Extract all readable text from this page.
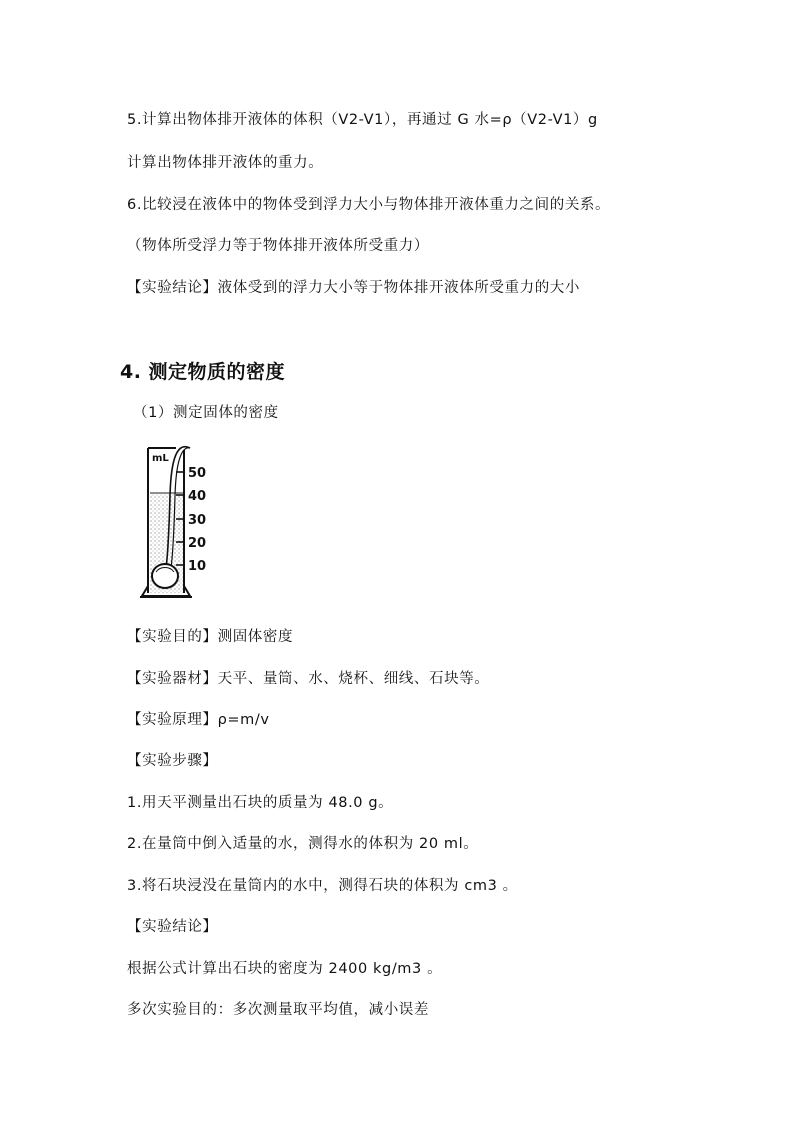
5.计算出物体排开液体的体积（V2-V1），再通过 G 水=ρ（V2-V1）g
计算出物体排开液体的重力。
6.比较浸在液体中的物体受到浮力大小与物体排开液体重力之间的关系。
（物体所受浮力等于物体排开液体所受重力）
【实验结论】液体受到的浮力大小等于物体排开液体所受重力的大小
4. 测定物质的密度
（1）测定固体的密度
mL
50
40
30
20
10
【实验目的】测固体密度
【实验器材】天平、量筒、水、烧杯、细线、石块等。
【实验原理】ρ=m/v
【实验步骤】
1.用天平测量出石块的质量为 48.0 g。
2.在量筒中倒入适量的水，测得水的体积为 20 ml。
3.将石块浸没在量筒内的水中，测得石块的体积为 cm3 。
【实验结论】
根据公式计算出石块的密度为 2400 kg/m3 。
多次实验目的：多次测量取平均值，减小误差
